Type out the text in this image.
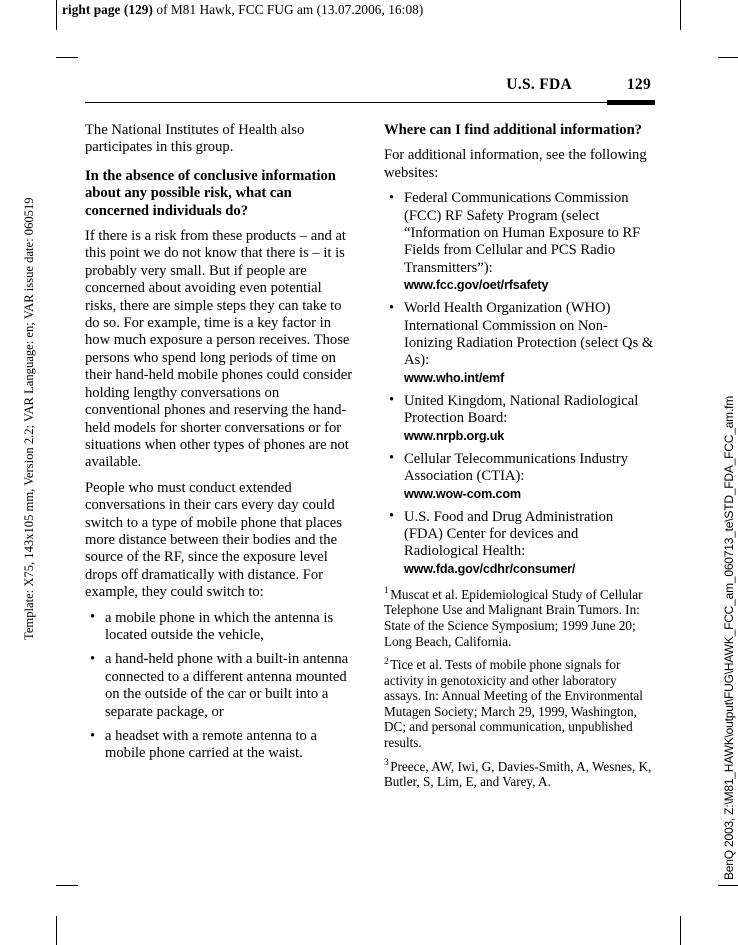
right page (129) of M81 Hawk, FCC FUG am (13.07.2006, 16:08)
Template: X75, 143x105 mm, Version 2.2; VAR Language: en; VAR issue date: 060519	BenQ 2003, Z:\M81_HAWK\output\FUG\HAWK_FCC_am_060713_te\STD_FDA_FCC_am.fm
U.S. FDA	129

The National Institutes of Health also participates in this group.

In the absence of conclusive information about any possible risk, what can concerned individuals do?

If there is a risk from these products – and at this point we do not know that there is – it is probably very small. But if people are concerned about avoiding even potential risks, there are simple steps they can take to do so. For example, time is a key factor in how much exposure a person receives. Those persons who spend long periods of time on their hand-held mobile phones could consider holding lengthy conversations on conventional phones and reserving the hand-held models for shorter conversations or for situations when other types of phones are not available.

People who must conduct extended conversations in their cars every day could switch to a type of mobile phone that places more distance between their bodies and the source of the RF, since the exposure level drops off dramatically with distance. For example, they could switch to:

• a mobile phone in which the antenna is located outside the vehicle,
• a hand-held phone with a built-in antenna connected to a different antenna mounted on the outside of the car or built into a separate package, or
• a headset with a remote antenna to a mobile phone carried at the waist.

Where can I find additional information?

For additional information, see the following websites:

• Federal Communications Commission (FCC) RF Safety Program (select “Information on Human Exposure to RF Fields from Cellular and PCS Radio Transmitters”):
www.fcc.gov/oet/rfsafety
• World Health Organization (WHO) International Commission on Non-Ionizing Radiation Protection (select Qs & As):
www.who.int/emf
• United Kingdom, National Radiological Protection Board:
www.nrpb.org.uk
• Cellular Telecommunications Industry Association (CTIA):
www.wow-com.com
• U.S. Food and Drug Administration (FDA) Center for devices and Radiological Health:
www.fda.gov/cdhr/consumer/

$^1$ Muscat et al. Epidemiological Study of Cellular Telephone Use and Malignant Brain Tumors. In: State of the Science Symposium; 1999 June 20; Long Beach, California.

$^2$ Tice et al. Tests of mobile phone signals for activity in genotoxicity and other laboratory assays. In: Annual Meeting of the Environmental Mutagen Society; March 29, 1999, Washington, DC; and personal communication, unpublished results.

$^3$ Preece, AW, Iwi, G, Davies-Smith, A, Wesnes, K, Butler, S, Lim, E, and Varey, A.
